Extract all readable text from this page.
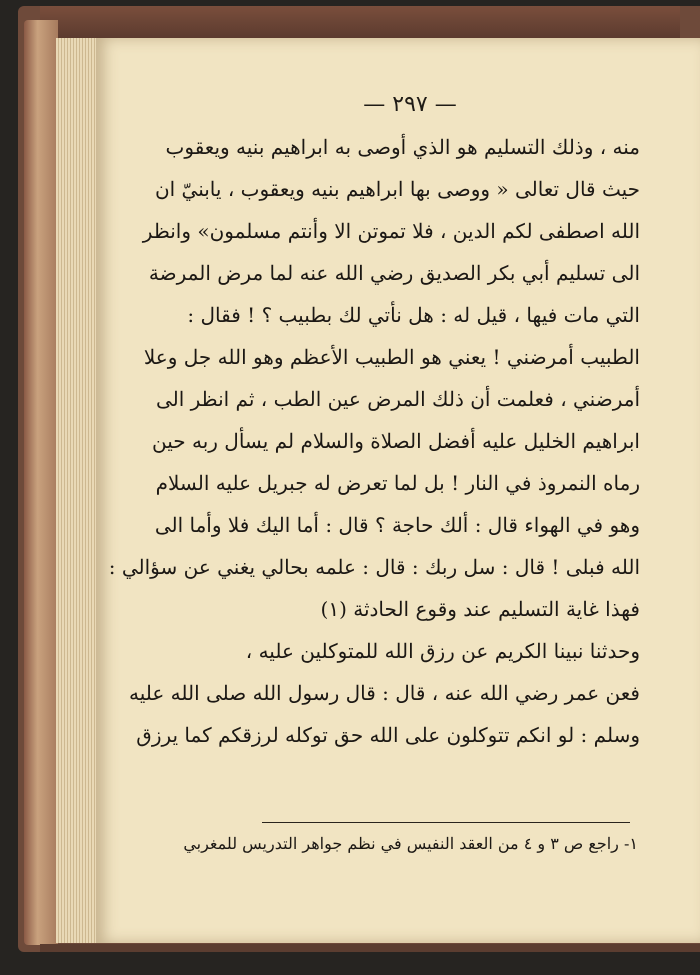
— ٢٩٧ —
منه ، وذلك التسليم هو الذي أوصى به ابراهيم بنيه ويعقوب
حيث قال تعالى « ووصى بها ابراهيم بنيه ويعقوب ، يابنيّ ان
الله اصطفى لكم الدين ، فلا تموتن الا وأنتم مسلمون» وانظر
الى تسليم أبي بكر الصديق رضي الله عنه لما مرض المرضة
التي مات فيها ، قيل له : هل نأتي لك بطبيب ؟ ! فقال :
الطبيب أمرضني ! يعني هو الطبيب الأعظم وهو الله جل وعلا
أمرضني ، فعلمت أن ذلك المرض عين الطب ، ثم انظر الى
ابراهيم الخليل عليه أفضل الصلاة والسلام لم يسأل ربه حين
رماه النمروذ في النار ! بل لما تعرض له جبريل عليه السلام
وهو في الهواء قال : ألك حاجة ؟ قال : أما اليك فلا وأما الى
الله فبلى ! قال : سل ربك : قال : علمه بحالي يغني عن سؤالي :
فهذا غاية التسليم عند وقوع الحادثة (١)
وحدثنا نبينا الكريم عن رزق الله للمتوكلين عليه ،
فعن عمر رضي الله عنه ، قال : قال رسول الله صلى الله عليه
وسلم : لو انكم تتوكلون على الله حق توكله لرزقكم كما يرزق
١- راجع ص ٣ و ٤ من العقد النفيس في نظم جواهر التدريس للمغربي
